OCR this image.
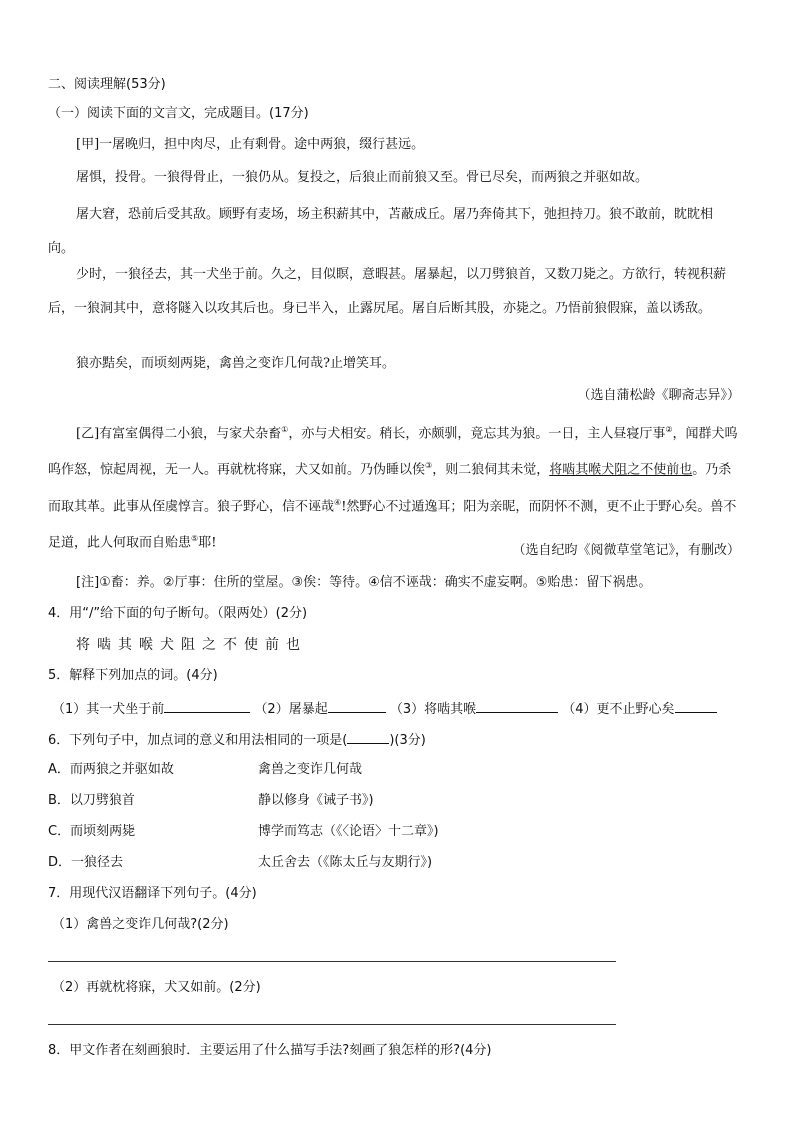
二、阅读理解(53分)
（一）阅读下面的文言文，完成题目。(17分)
[甲]一屠晚归，担中肉尽，止有剩骨。途中两狼，缀行甚远。
屠惧，投骨。一狼得骨止，一狼仍从。复投之，后狼止而前狼又至。骨已尽矣，而两狼之并驱如故。
屠大窘，恐前后受其敌。顾野有麦场，场主积薪其中，苫蔽成丘。屠乃奔倚其下，弛担持刀。狼不敢前，眈眈相向。
少时，一狼径去，其一犬坐于前。久之，目似瞑，意暇甚。屠暴起，以刀劈狼首，又数刀毙之。方欲行，转视积薪后，一狼洞其中，意将隧入以攻其后也。身已半入，止露尻尾。屠自后断其股，亦毙之。乃悟前狼假寐，盖以诱敌。
狼亦黠矣，而顷刻两毙，禽兽之变诈几何哉?止增笑耳。
（选自蒲松龄《聊斋志异》）
[乙]有富室偶得二小狼，与家犬杂畜①，亦与犬相安。稍长，亦颇驯，竟忘其为狼。一日，主人昼寝厅事②，闻群犬呜呜作怒，惊起周视，无一人。再就枕将寐，犬又如前。乃伪睡以俟③，则二狼伺其未觉，将啮其喉犬阻之不使前也。乃杀而取其革。此事从侄虞惇言。狼子野心，信不诬哉④!然野心不过遁逸耳；阳为亲昵，而阴怀不测，更不止于野心矣。兽不足道，此人何取而自贻患⑤耶!
（选自纪昀《阅微草堂笔记》，有删改）
[注]①畜：养。②厅事：住所的堂屋。③俟：等待。④信不诬哉：确实不虚妄啊。⑤贻患：留下祸患。
4．用“/”给下面的句子断句。（限两处）(2分)
将啮其喉犬阻之不使前也
5．解释下列加点的词。(4分)
（1）其一犬坐于前	（2）屠暴起	（3）将啮其喉	（4）更不止野心矣
6．下列句子中，加点词的意义和用法相同的一项是(	)(3分)
A．而两狼之并驱如故	禽兽之变诈几何哉
B．以刀劈狼首	静以修身《诫子书》)
C．而顷刻两毙	博学而笃志（《〈论语〉十二章》)
D．一狼径去	太丘舍去（《陈太丘与友期行》)
7．用现代汉语翻译下列句子。(4分)
（1）禽兽之变诈几何哉?(2分)
（2）再就枕将寐，犬又如前。(2分)
8．甲文作者在刻画狼时．主要运用了什么描写手法?刻画了狼怎样的形?(4分)
